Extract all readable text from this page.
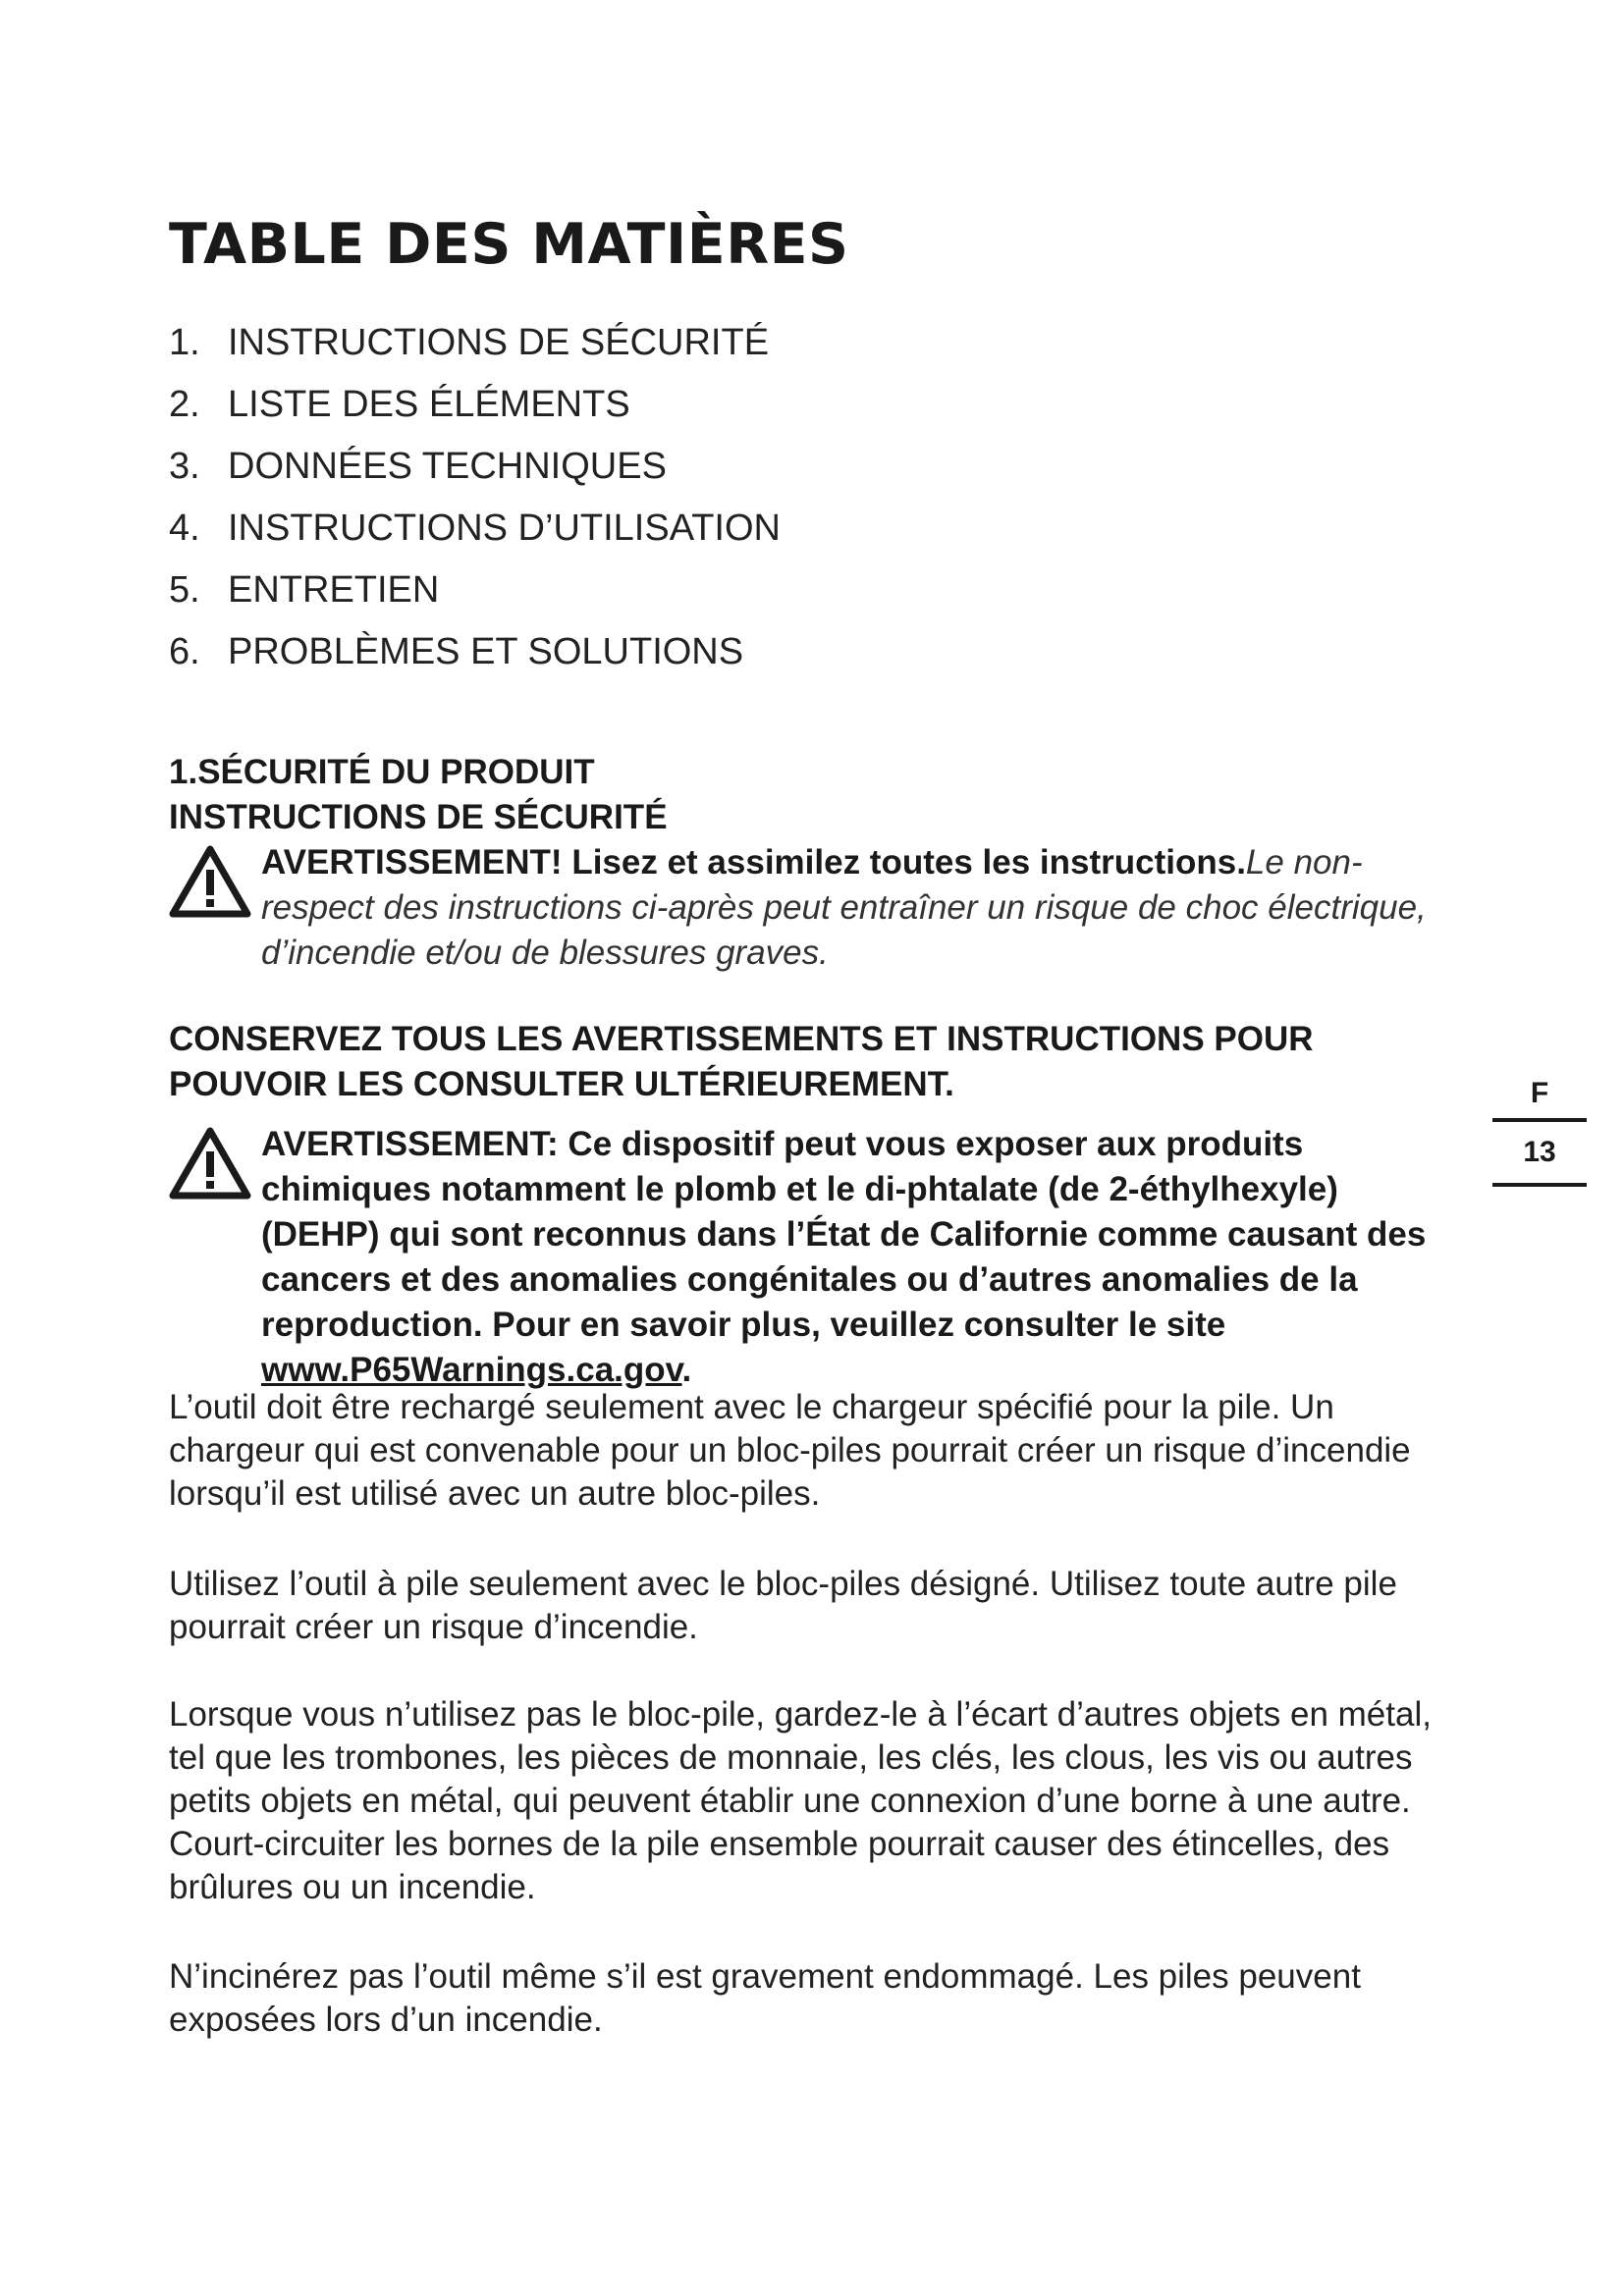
TABLE DES MATIÈRES
1. INSTRUCTIONS DE SÉCURITÉ
2. LISTE DES ÉLÉMENTS
3. DONNÉES TECHNIQUES
4. INSTRUCTIONS D’UTILISATION
5. ENTRETIEN
6. PROBLÈMES ET SOLUTIONS
1.SÉCURITÉ DU PRODUIT
INSTRUCTIONS DE SÉCURITÉ
AVERTISSEMENT! Lisez et assimilez toutes les instructions.Le non-respect des instructions ci-après peut entraîner un risque de choc électrique, d’incendie et/ou de blessures graves.

CONSERVEZ TOUS LES AVERTISSEMENTS ET INSTRUCTIONS POUR POUVOIR LES CONSULTER ULTÉRIEUREMENT.

AVERTISSEMENT: Ce dispositif peut vous exposer aux produits chimiques notamment le plomb et le di-phtalate (de 2-éthylhexyle) (DEHP) qui sont reconnus dans l’État de Californie comme causant des cancers et des anomalies congénitales ou d’autres anomalies de la reproduction. Pour en savoir plus, veuillez consulter le site www.P65Warnings.ca.gov.

L’outil doit être rechargé seulement avec le chargeur spécifié pour la pile. Un chargeur qui est convenable pour un bloc-piles pourrait créer un risque d’incendie lorsqu’il est utilisé avec un autre bloc-piles.

Utilisez l’outil à pile seulement avec le bloc-piles désigné. Utilisez toute autre pile pourrait créer un risque d’incendie.

Lorsque vous n’utilisez pas le bloc-pile, gardez-le à l’écart d’autres objets en métal, tel que les trombones, les pièces de monnaie, les clés, les clous, les vis ou autres petits objets en métal, qui peuvent établir une connexion d’une borne à une autre. Court-circuiter les bornes de la pile ensemble pourrait causer des étincelles, des brûlures ou un incendie.

N’incinérez pas l’outil même s’il est gravement endommagé. Les piles peuvent exposées lors d’un incendie.

F
13
